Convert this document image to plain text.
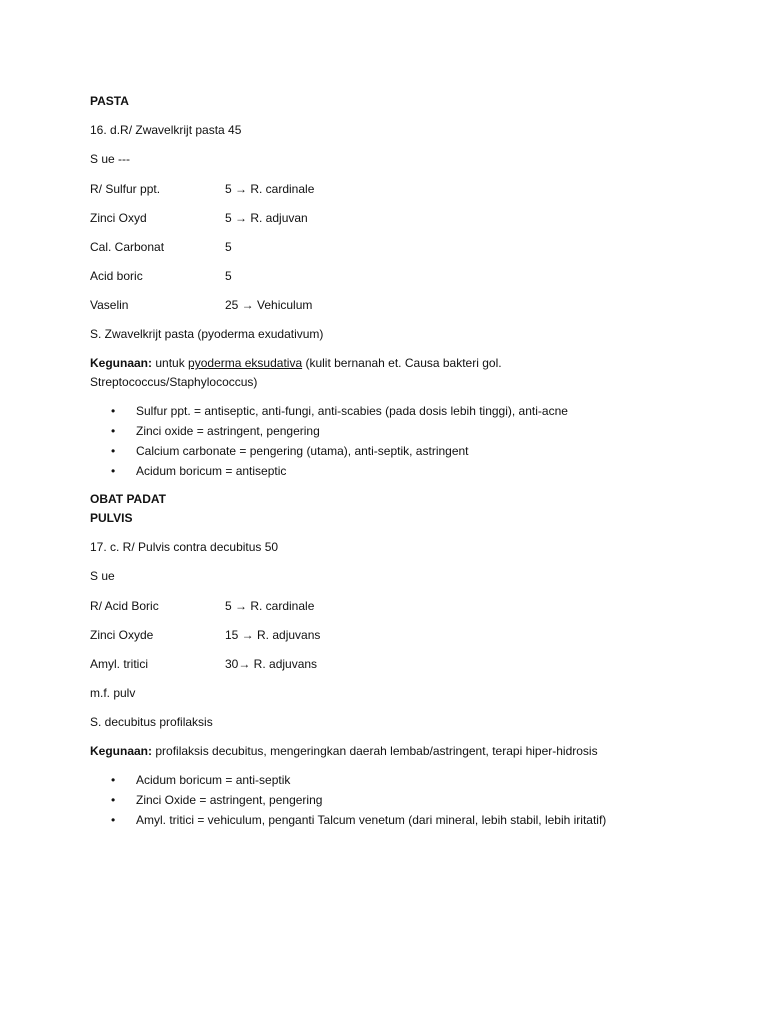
PASTA
16. d.R/ Zwavelkrijt pasta 45
S ue ---
R/ Sulfur ppt.	5 → R. cardinale
Zinci Oxyd	5 → R. adjuvan
Cal. Carbonat	5
Acid boric	5
Vaselin	25 → Vehiculum
S. Zwavelkrijt pasta (pyoderma exudativum)
Kegunaan: untuk pyoderma eksudativa (kulit bernanah et. Causa bakteri gol. Streptococcus/Staphylococcus)
• Sulfur ppt. = antiseptic, anti-fungi, anti-scabies (pada dosis lebih tinggi), anti-acne
• Zinci oxide = astringent, pengering
• Calcium carbonate = pengering (utama), anti-septik, astringent
• Acidum boricum = antiseptic
OBAT PADAT
PULVIS
17. c. R/ Pulvis contra decubitus 50
S ue
R/ Acid Boric	5 → R. cardinale
Zinci Oxyde	15 → R. adjuvans
Amyl. tritici	30→ R. adjuvans
m.f. pulv
S. decubitus profilaksis
Kegunaan: profilaksis decubitus, mengeringkan daerah lembab/astringent, terapi hiper-hidrosis
• Acidum boricum = anti-septik
• Zinci Oxide = astringent, pengering
• Amyl. tritici = vehiculum, penganti Talcum venetum (dari mineral, lebih stabil, lebih iritatif)
